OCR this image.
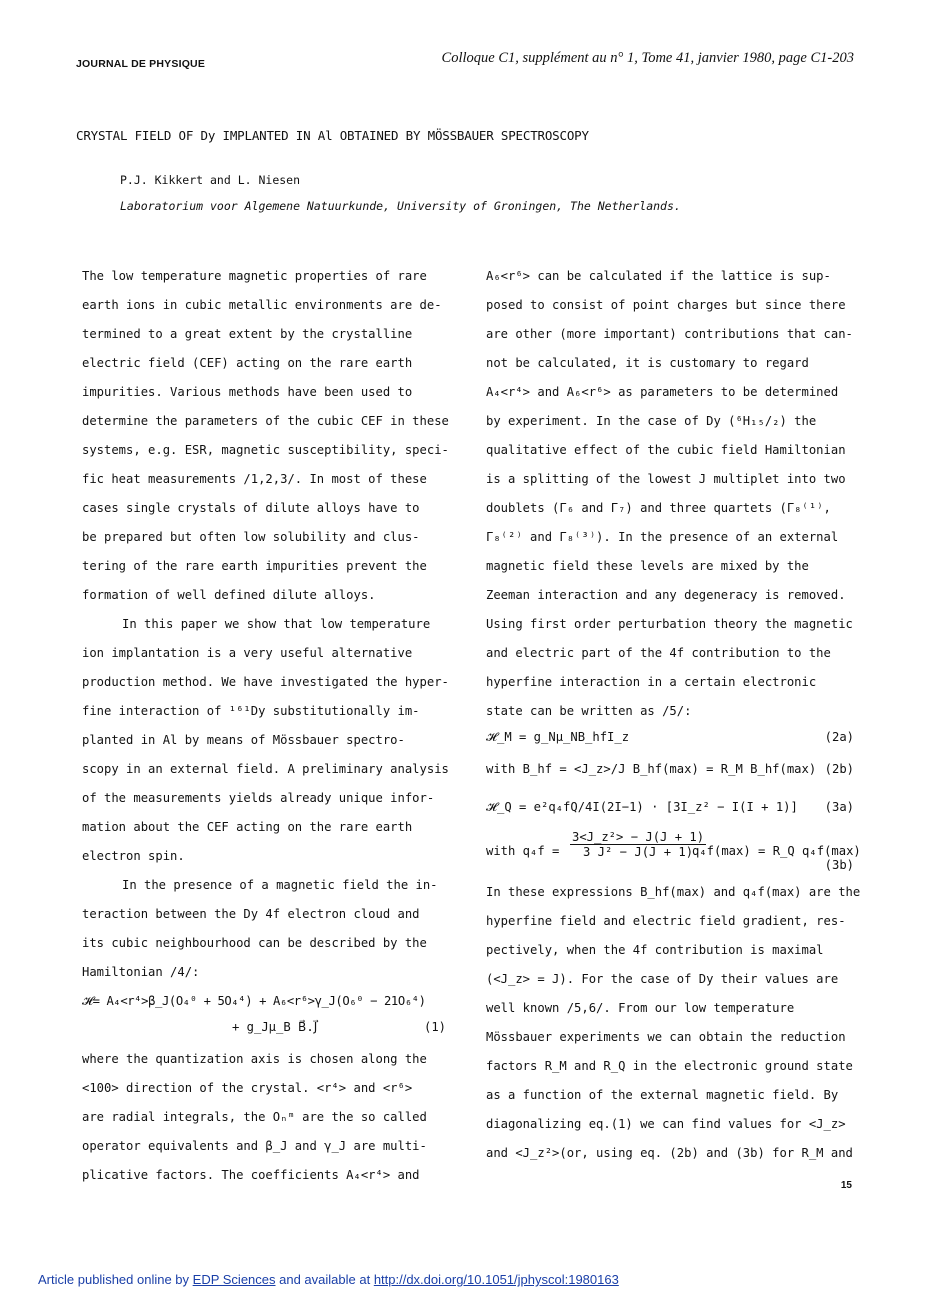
JOURNAL DE PHYSIQUE	Colloque C1, supplément au n° 1, Tome 41, janvier 1980, page C1-203
CRYSTAL FIELD OF Dy IMPLANTED IN Al OBTAINED BY MÖSSBAUER SPECTROSCOPY
P.J. Kikkert and L. Niesen
Laboratorium voor Algemene Natuurkunde, University of Groningen, The Netherlands.

The low temperature magnetic properties of rare

earth ions in cubic metallic environments are de-

termined to a great extent by the crystalline

electric field (CEF) acting on the rare earth

impurities. Various methods have been used to

determine the parameters of the cubic CEF in these

systems, e.g. ESR, magnetic susceptibility, speci-

fic heat measurements /1,2,3/. In most of these

cases single crystals of dilute alloys have to

be prepared but often low solubility and clus-

tering of the rare earth impurities prevent the

formation of well defined dilute alloys.

In this paper we show that low temperature

ion implantation is a very useful alternative

production method. We have investigated the hyper-

fine interaction of ¹⁶¹Dy substitutionally im-

planted in Al by means of Mössbauer spectro-

scopy in an external field. A preliminary analysis

of the measurements yields already unique infor-

mation about the CEF acting on the rare earth

electron spin.

In the presence of a magnetic field the in-

teraction between the Dy 4f electron cloud and

its cubic neighbourhood can be described by the

Hamiltonian /4/:

𝓗= A₄<r⁴>β_J(O₄⁰ + 5O₄⁴) + A₆<r⁶>γ_J(O₆⁰ − 21O₆⁴)

+ g_Jμ_B B⃗.J⃗	(1)

where the quantization axis is chosen along the

<100> direction of the crystal. <r⁴> and <r⁶>

are radial integrals, the Oₙᵐ are the so called

operator equivalents and β_J and γ_J are multi-

plicative factors. The coefficients A₄<r⁴> and

A₆<r⁶> can be calculated if the lattice is sup-

posed to consist of point charges but since there

are other (more important) contributions that can-

not be calculated, it is customary to regard

A₄<r⁴> and A₆<r⁶> as parameters to be determined

by experiment. In the case of Dy (⁶H₁₅/₂) the

qualitative effect of the cubic field Hamiltonian

is a splitting of the lowest J multiplet into two

doublets (Γ₆ and Γ₇) and three quartets (Γ₈⁽¹⁾,

Γ₈⁽²⁾ and Γ₈⁽³⁾). In the presence of an external

magnetic field these levels are mixed by the

Zeeman interaction and any degeneracy is removed.

Using first order perturbation theory the magnetic

and electric part of the 4f contribution to the

hyperfine interaction in a certain electronic

state can be written as /5/:

𝓗_M = g_Nμ_NB_hfI_z	(2a)
with B_hf = <J_z>/J B_hf(max) = R_M B_hf(max) (2b)
𝓗_Q = e²q₄fQ/4I(2I−1) · [3I_z² − I(I + 1)] (3a)
with $q_4f = \frac{\text{3<J\_z²> − J(J + 1)}}{\text{3 J² − J(J + 1)}}$
q₄f(max) = R_Q q₄f(max)
(3b)

In these expressions B_hf(max) and q₄f(max) are the

hyperfine field and electric field gradient, res-

pectively, when the 4f contribution is maximal

(<J_z> = J). For the case of Dy their values are

well known /5,6/. From our low temperature

Mössbauer experiments we can obtain the reduction

factors R_M and R_Q in the electronic ground state

as a function of the external magnetic field. By

diagonalizing eq.(1) we can find values for <J_z>

and <J_z²>(or, using eq. (2b) and (3b) for R_M and

15
Article published online by EDP Sciences and available at http://dx.doi.org/10.1051/jphyscol:1980163
